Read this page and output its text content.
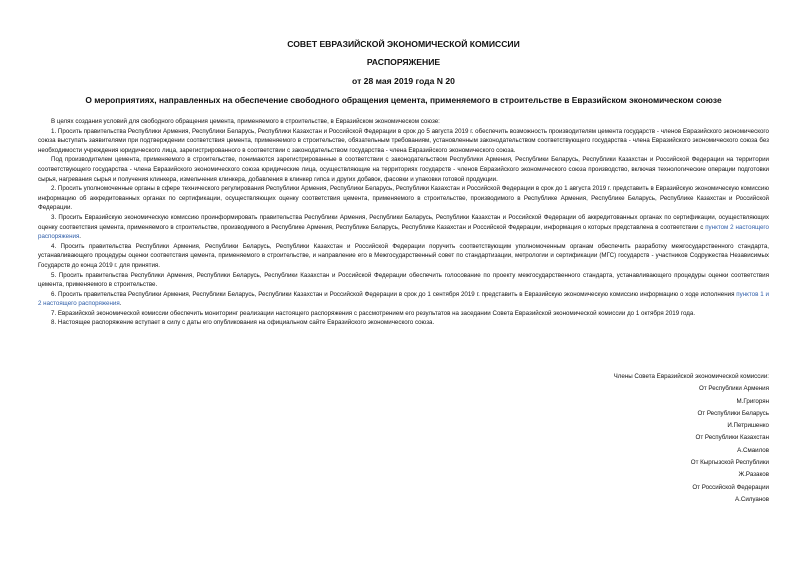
СОВЕТ ЕВРАЗИЙСКОЙ ЭКОНОМИЧЕСКОЙ КОМИССИИ
РАСПОРЯЖЕНИЕ
от 28 мая 2019 года N 20
О мероприятиях, направленных на обеспечение свободного обращения цемента, применяемого в строительстве в Евразийском экономическом союзе

В целях создания условий для свободного обращения цемента, применяемого в строительстве, в Евразийском экономическом союзе:

1. Просить правительства Республики Армения, Республики Беларусь, Республики Казахстан и Российской Федерации в срок до 5 августа 2019 г. обеспечить возможность производителям цемента государств - членов Евразийского экономического союза выступать заявителями при подтверждении соответствия цемента, применяемого в строительстве, обязательным требованиям, установленным законодательством соответствующего государства - члена Евразийского экономического союза без необходимости учреждения юридического лица, зарегистрированного в соответствии с законодательством государства - члена Евразийского экономического союза.

Под производителем цемента, применяемого в строительстве, понимаются зарегистрированные в соответствии с законодательством Республики Армения, Республики Беларусь, Республики Казахстан и Российской Федерации на территории соответствующего государства - члена Евразийского экономического союза юридические лица, осуществляющие на территориях государств - членов Евразийского экономического союза производство, включая технологические операции подготовки сырья, нагревания сырья и получения клинкера, измельчения клинкера, добавления в клинкер гипса и других добавок, фасовки и упаковки готовой продукции.

2. Просить уполномоченные органы в сфере технического регулирования Республики Армения, Республики Беларусь, Республики Казахстан и Российской Федерации в срок до 1 августа 2019 г. представить в Евразийскую экономическую комиссию информацию об аккредитованных органах по сертификации, осуществляющих оценку соответствия цемента, применяемого в строительстве, производимого в Республике Армения, Республике Беларусь, Республике Казахстан и Российской Федерации.

3. Просить Евразийскую экономическую комиссию проинформировать правительства Республики Армения, Республики Беларусь, Республики Казахстан и Российской Федерации об аккредитованных органах по сертификации, осуществляющих оценку соответствия цемента, применяемого в строительстве, производимого в Республике Армения, Республике Беларусь, Республике Казахстан и Российской Федерации, информация о которых представлена в соответствии с пунктом 2 настоящего распоряжения.

4. Просить правительства Республики Армения, Республики Беларусь, Республики Казахстан и Российской Федерации поручить соответствующим уполномоченным органам обеспечить разработку межгосударственного стандарта, устанавливающего процедуры оценки соответствия цемента, применяемого в строительстве, и направление его в Межгосударственный совет по стандартизации, метрологии и сертификации (МГС) государств - участников Содружества Независимых Государств до конца 2019 г. для принятия.

5. Просить правительства Республики Армения, Республики Беларусь, Республики Казахстан и Российской Федерации обеспечить голосование по проекту межгосударственного стандарта, устанавливающего процедуры оценки соответствия цемента, применяемого в строительстве.

6. Просить правительства Республики Армения, Республики Беларусь, Республики Казахстан и Российской Федерации в срок до 1 сентября 2019 г. представить в Евразийскую экономическую комиссию информацию о ходе исполнения пунктов 1 и 2 настоящего распоряжения.

7. Евразийской экономической комиссии обеспечить мониторинг реализации настоящего распоряжения с рассмотрением его результатов на заседании Совета Евразийской экономической комиссии до 1 октября 2019 года.

8. Настоящее распоряжение вступает в силу с даты его опубликования на официальном сайте Евразийского экономического союза.

Члены Совета Евразийской экономической комиссии:
От Республики Армения
М.Григорян
От Республики Беларусь
И.Петришенко
От Республики Казахстан
А.Смаилов
От Кыргызской Республики
Ж.Разаков
От Российской Федерации
А.Силуанов
